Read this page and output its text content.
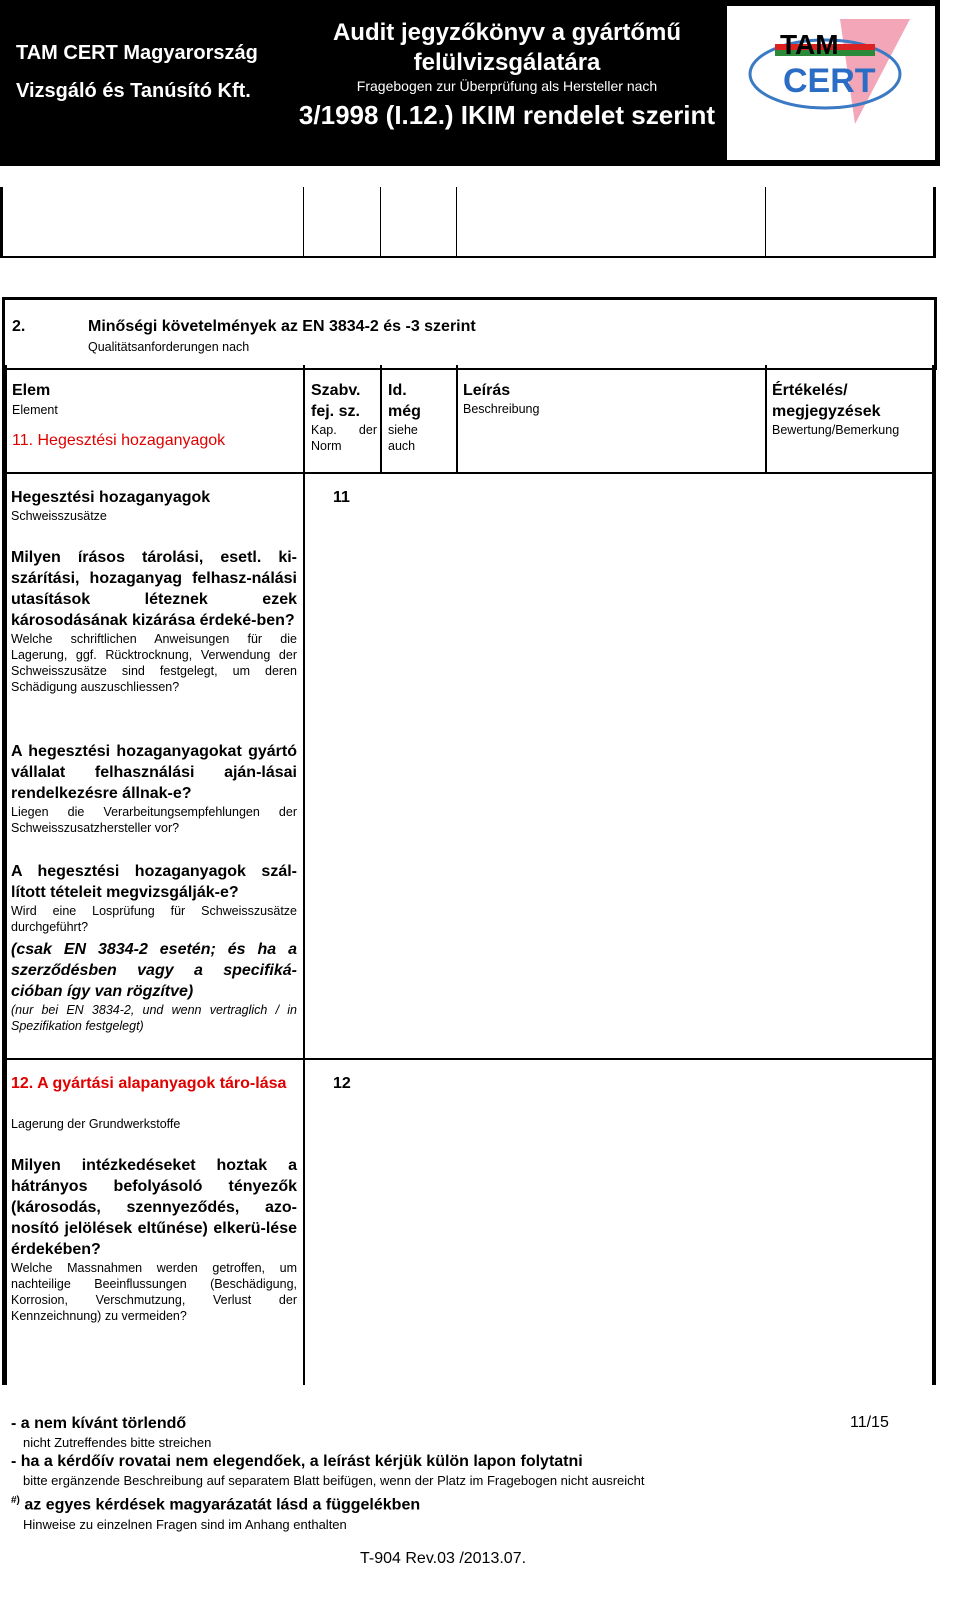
TAM CERT Magyarország
Vizsgáló és Tanúsító Kft.
Audit jegyzőkönyv a gyártőmű
felülvizsgálatára
Fragebogen zur Überprüfung als Hersteller nach
3/1998 (I.12.) IKIM rendelet szerint
TAM
CERT
2.	Minőségi követelmények az EN 3834-2 és -3 szerint
Qualitätsanforderungen nach
Elem
Element
11. Hegesztési hozaganyagok
Szabv.
fej. sz.
Kap. der
Norm
Id.
még
siehe
auch
Leírás
Beschreibung
Értékelés/
megjegyzések
Bewertung/Bemerkung
Hegesztési hozaganyagok
Schweisszusätze
11
Milyen írásos tárolási, esetl. ki-szárítási, hozaganyag felhasz-nálási utasítások léteznek ezek károsodásának kizárása érdeké-ben?
Welche schriftlichen Anweisungen für die Lagerung, ggf. Rücktrocknung, Verwendung der Schweisszusätze sind festgelegt, um deren Schädigung auszuschliessen?
A hegesztési hozaganyagokat gyártó vállalat felhasználási aján-lásai rendelkezésre állnak-e?
Liegen die Verarbeitungsempfehlungen der Schweisszusatzhersteller vor?
A hegesztési hozaganyagok szál-lított tételeit megvizsgálják-e?
Wird eine Losprüfung für Schweisszusätze durchgeführt?
(csak EN 3834-2 esetén; és ha a szerződésben vagy a specifiká-cióban így van rögzítve)
(nur bei EN 3834-2, und wenn vertraglich / in Spezifikation festgelegt)
12. A gyártási alapanyagok táro-lása
Lagerung der Grundwerkstoffe
12
Milyen intézkedéseket hoztak a hátrányos befolyásoló tényezők (károsodás, szennyeződés, azo-nosító jelölések eltűnése) elkerü-lése érdekében?
Welche Massnahmen werden getroffen, um nachteilige Beeinflussungen (Beschädigung, Korrosion, Verschmutzung, Verlust der Kennzeichnung) zu vermeiden?
- a nem kívánt törlendő
nicht Zutreffendes bitte streichen
- ha a kérdőív rovatai nem elegendőek, a leírást kérjük külön lapon folytatni
bitte ergänzende Beschreibung auf separatem Blatt beifügen, wenn der Platz im Fragebogen nicht ausreicht
#) az egyes kérdések magyarázatát lásd a függelékben
Hinweise zu einzelnen Fragen sind im Anhang enthalten
11/15
T-904 Rev.03 /2013.07.
